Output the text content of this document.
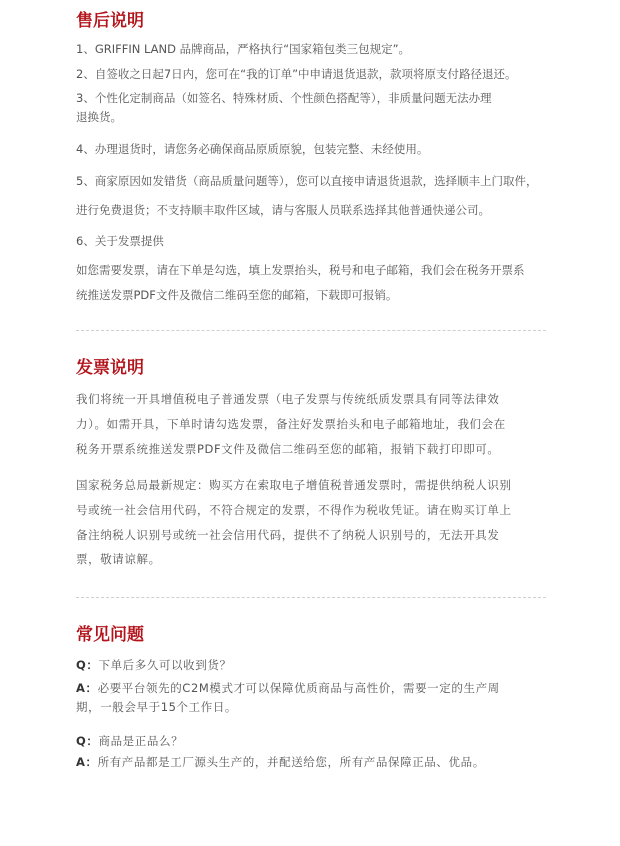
售后说明
1、GRIFFIN LAND 品牌商品，严格执行“国家箱包类三包规定”。
2、自签收之日起7日内，您可在“我的订单”中申请退货退款，款项将原支付路径退还。
3、个性化定制商品（如签名、特殊材质、个性颜色搭配等），非质量问题无法办理
退换货。
4、办理退货时，请您务必确保商品原质原貌，包装完整、未经使用。
5、商家原因如发错货（商品质量问题等），您可以直接申请退货退款，选择顺丰上门取件，
进行免费退货；不支持顺丰取件区域，请与客服人员联系选择其他普通快递公司。
6、关于发票提供
如您需要发票，请在下单是勾选，填上发票抬头，税号和电子邮箱，我们会在税务开票系
统推送发票PDF文件及微信二维码至您的邮箱，下载即可报销。
发票说明
我们将统一开具增值税电子普通发票（电子发票与传统纸质发票具有同等法律效
力）。如需开具，下单时请勾选发票，备注好发票抬头和电子邮箱地址，我们会在
税务开票系统推送发票PDF文件及微信二维码至您的邮箱，报销下载打印即可。
国家税务总局最新规定：购买方在索取电子增值税普通发票时，需提供纳税人识别
号或统一社会信用代码，不符合规定的发票，不得作为税收凭证。请在购买订单上
备注纳税人识别号或统一社会信用代码，提供不了纳税人识别号的，无法开具发
票，敬请谅解。
常见问题
Q：下单后多久可以收到货？
A：必要平台领先的C2M模式才可以保障优质商品与高性价，需要一定的生产周
期，一般会早于15个工作日。
Q：商品是正品么？
A：所有产品都是工厂源头生产的，并配送给您，所有产品保障正品、优品。
